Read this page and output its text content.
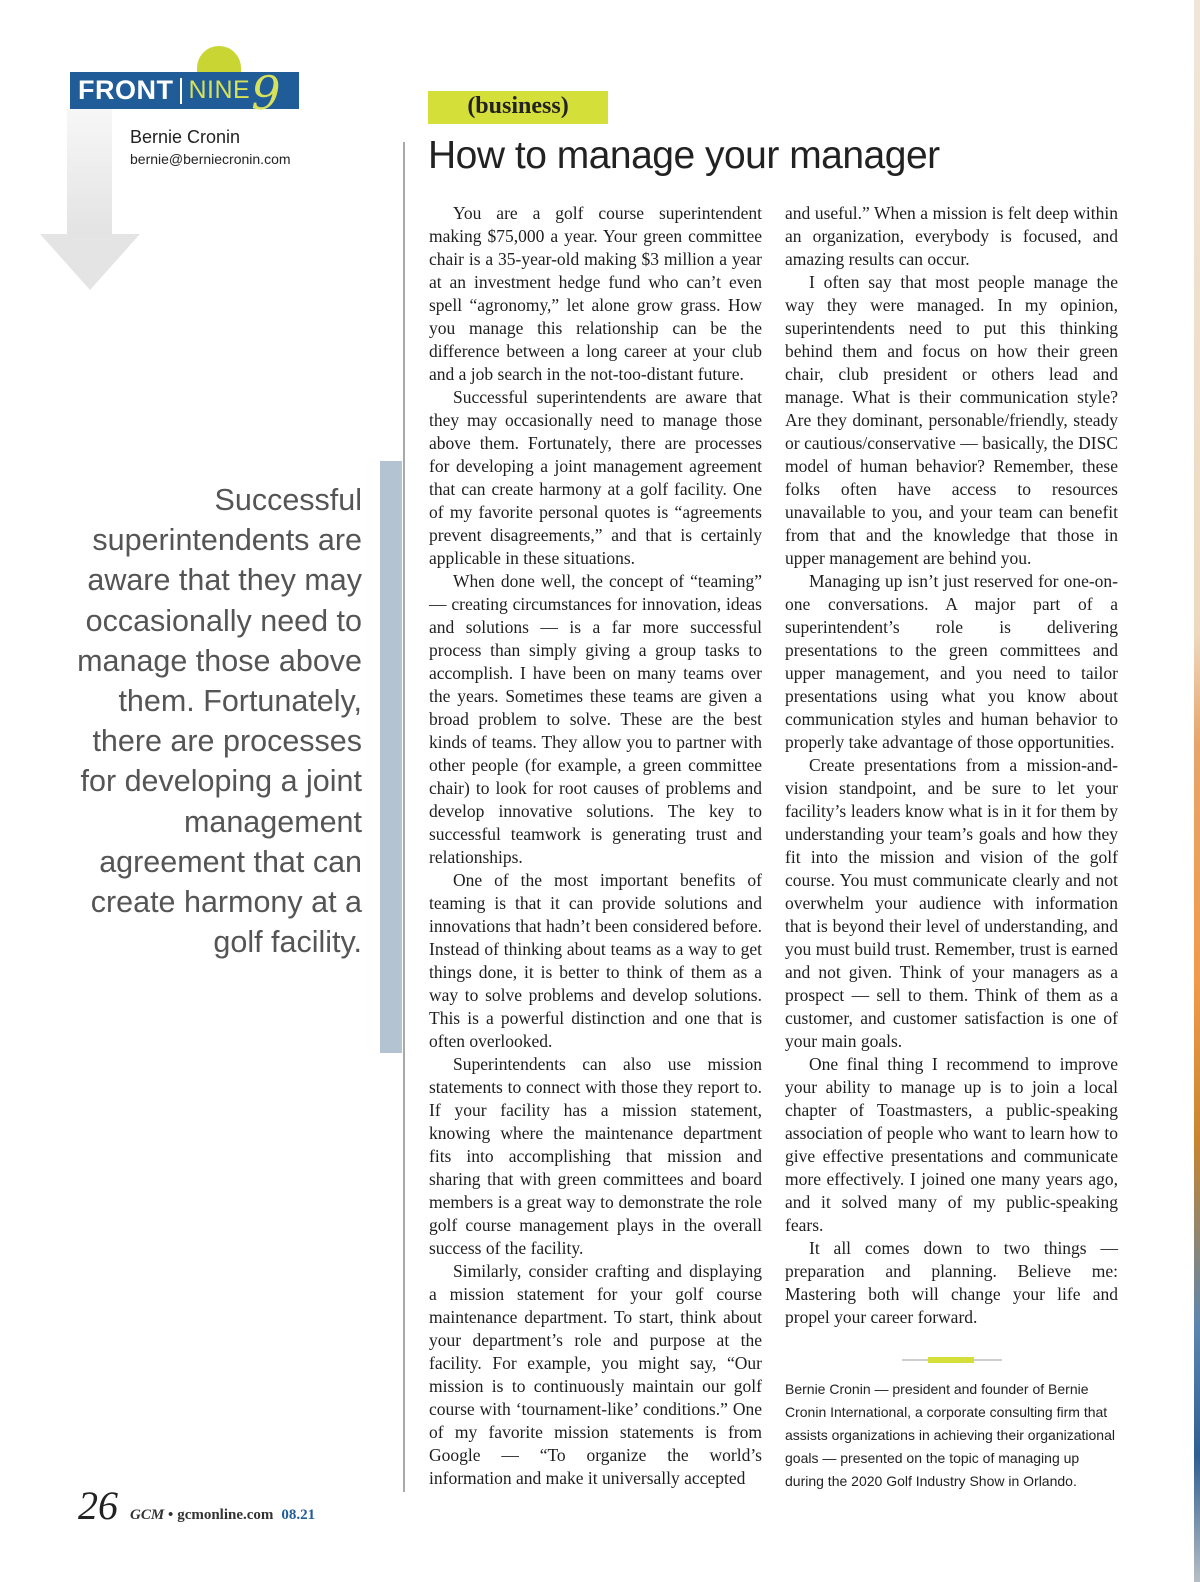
FRONT NINE 9
Bernie Cronin
bernie@berniecronin.com
Successful superintendents are aware that they may occasionally need to manage those above them. Fortunately, there are processes for developing a joint management agreement that can create harmony at a golf facility.
(business)
How to manage your manager

You are a golf course superintendent making $75,000 a year. Your green committee chair is a 35-year-old making $3 million a year at an investment hedge fund who can’t even spell “agronomy,” let alone grow grass. How you manage this relationship can be the difference between a long career at your club and a job search in the not-too-distant future.

Successful superintendents are aware that they may occasionally need to manage those above them. Fortunately, there are processes for developing a joint management agreement that can create harmony at a golf facility. One of my favorite personal quotes is “agreements prevent disagreements,” and that is certainly applicable in these situations.

When done well, the concept of “teaming” — creating circumstances for innovation, ideas and solutions — is a far more successful process than simply giving a group tasks to accomplish. I have been on many teams over the years. Sometimes these teams are given a broad problem to solve. These are the best kinds of teams. They allow you to partner with other people (for example, a green committee chair) to look for root causes of problems and develop innovative solutions. The key to successful teamwork is generating trust and relationships.

One of the most important benefits of teaming is that it can provide solutions and innovations that hadn’t been considered before. Instead of thinking about teams as a way to get things done, it is better to think of them as a way to solve problems and develop solutions. This is a powerful distinction and one that is often overlooked.

Superintendents can also use mission statements to connect with those they report to. If your facility has a mission statement, knowing where the maintenance department fits into accomplishing that mission and sharing that with green committees and board members is a great way to demonstrate the role golf course management plays in the overall success of the facility.

Similarly, consider crafting and displaying a mission statement for your golf course maintenance department. To start, think about your department’s role and purpose at the facility. For example, you might say, “Our mission is to continuously maintain our golf course with ‘tournament-like’ conditions.” One of my favorite mission statements is from Google — “To organize the world’s information and make it universally accepted

and useful.” When a mission is felt deep within an organization, everybody is focused, and amazing results can occur.

I often say that most people manage the way they were managed. In my opinion, superintendents need to put this thinking behind them and focus on how their green chair, club president or others lead and manage. What is their communication style? Are they dominant, personable/friendly, steady or cautious/conservative — basically, the DISC model of human behavior? Remember, these folks often have access to resources unavailable to you, and your team can benefit from that and the knowledge that those in upper management are behind you.

Managing up isn’t just reserved for one-on-one conversations. A major part of a superintendent’s role is delivering presentations to the green committees and upper management, and you need to tailor presentations using what you know about communication styles and human behavior to properly take advantage of those opportunities.

Create presentations from a mission-and-vision standpoint, and be sure to let your facility’s leaders know what is in it for them by understanding your team’s goals and how they fit into the mission and vision of the golf course. You must communicate clearly and not overwhelm your audience with information that is beyond their level of understanding, and you must build trust. Remember, trust is earned and not given. Think of your managers as a prospect — sell to them. Think of them as a customer, and customer satisfaction is one of your main goals.

One final thing I recommend to improve your ability to manage up is to join a local chapter of Toastmasters, a public-speaking association of people who want to learn how to give effective presentations and communicate more effectively. I joined one many years ago, and it solved many of my public-speaking fears.

It all comes down to two things — preparation and planning. Believe me: Mastering both will change your life and propel your career forward.

Bernie Cronin — president and founder of Bernie Cronin International, a corporate consulting firm that assists organizations in achieving their organizational goals — presented on the topic of managing up during the 2020 Golf Industry Show in Orlando.
26 GCM • gcmonline.com 08.21
